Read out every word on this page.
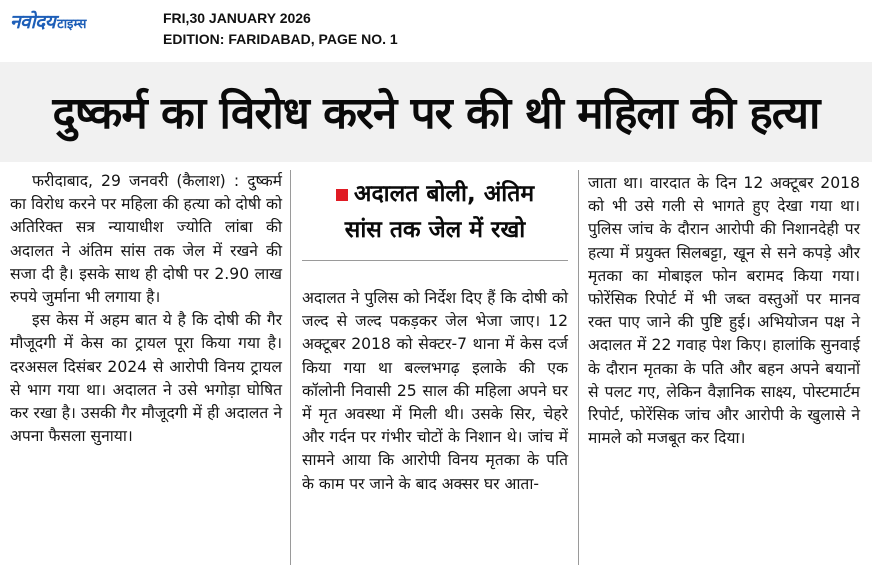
नवोदय टाइम्स	FRI,30 JANUARY 2026
EDITION: FARIDABAD, PAGE NO. 1
दुष्कर्म का विरोध करने पर की थी महिला की हत्या

फरीदाबाद, 29 जनवरी (कैलाश) : दुष्कर्म का विरोध करने पर महिला की हत्या को दोषी को अतिरिक्त सत्र न्यायाधीश ज्योति लांबा की अदालत ने अंतिम सांस तक जेल में रखने की सजा दी है। इसके साथ ही दोषी पर 2.90 लाख रुपये जुर्माना भी लगाया है।

इस केस में अहम बात ये है कि दोषी की गैर मौजूदगी में केस का ट्रायल पूरा किया गया है। दरअसल दिसंबर 2024 से आरोपी विनय ट्रायल से भाग गया था। अदालत ने उसे भगोड़ा घोषित कर रखा है। उसकी गैर मौजूदगी में ही अदालत ने अपना फैसला सुनाया।

अदालत बोली, अंतिम
सांस तक जेल में रखो

अदालत ने पुलिस को निर्देश दिए हैं कि दोषी को जल्द से जल्द पकड़कर जेल भेजा जाए। 12 अक्टूबर 2018 को सेक्टर-7 थाना में केस दर्ज किया गया था बल्लभगढ़ इलाके की एक कॉलोनी निवासी 25 साल की महिला अपने घर में मृत अवस्था में मिली थी। उसके सिर, चेहरे और गर्दन पर गंभीर चोटों के निशान थे। जांच में सामने आया कि आरोपी विनय मृतका के पति के काम पर जाने के बाद अक्सर घर आता-

जाता था। वारदात के दिन 12 अक्टूबर 2018 को भी उसे गली से भागते हुए देखा गया था। पुलिस जांच के दौरान आरोपी की निशानदेही पर हत्या में प्रयुक्त सिलबट्टा, खून से सने कपड़े और मृतका का मोबाइल फोन बरामद किया गया। फोरेंसिक रिपोर्ट में भी जब्त वस्तुओं पर मानव रक्त पाए जाने की पुष्टि हुई। अभियोजन पक्ष ने अदालत में 22 गवाह पेश किए। हालांकि सुनवाई के दौरान मृतका के पति और बहन अपने बयानों से पलट गए, लेकिन वैज्ञानिक साक्ष्य, पोस्टमार्टम रिपोर्ट, फोरेंसिक जांच और आरोपी के खुलासे ने मामले को मजबूत कर दिया।
